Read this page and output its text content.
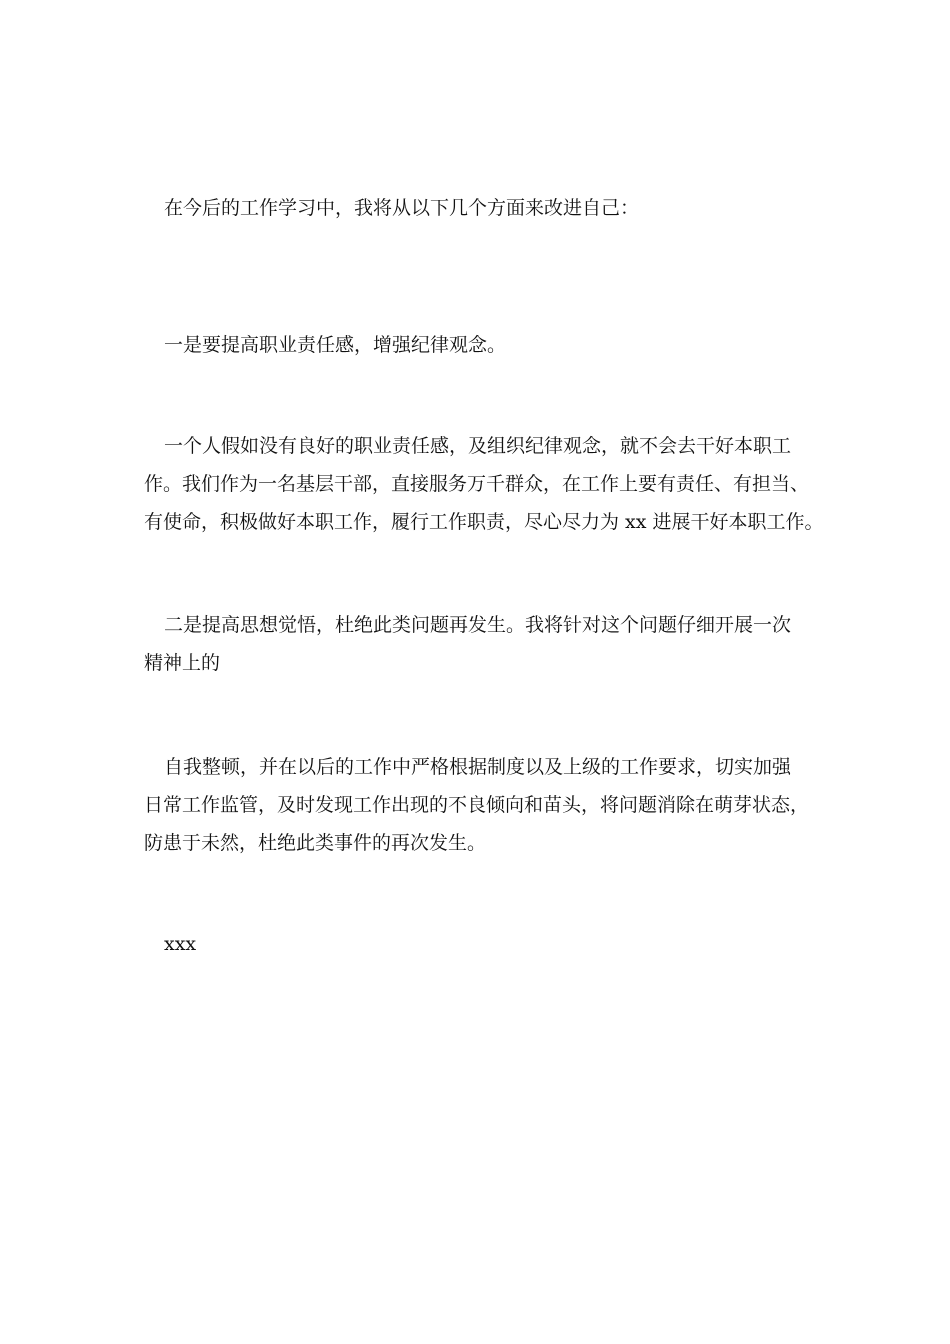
在今后的工作学习中，我将从以下几个方面来改进自己：
一是要提高职业责任感，增强纪律观念。
一个人假如没有良好的职业责任感，及组织纪律观念，就不会去干好本职工
作。我们作为一名基层干部，直接服务万千群众，在工作上要有责任、有担当、
有使命，积极做好本职工作，履行工作职责，尽心尽力为 xx 进展干好本职工作。
二是提高思想觉悟，杜绝此类问题再发生。我将针对这个问题仔细开展一次
精神上的
自我整顿，并在以后的工作中严格根据制度以及上级的工作要求，切实加强
日常工作监管，及时发现工作出现的不良倾向和苗头，将问题消除在萌芽状态，
防患于未然，杜绝此类事件的再次发生。
xxx
